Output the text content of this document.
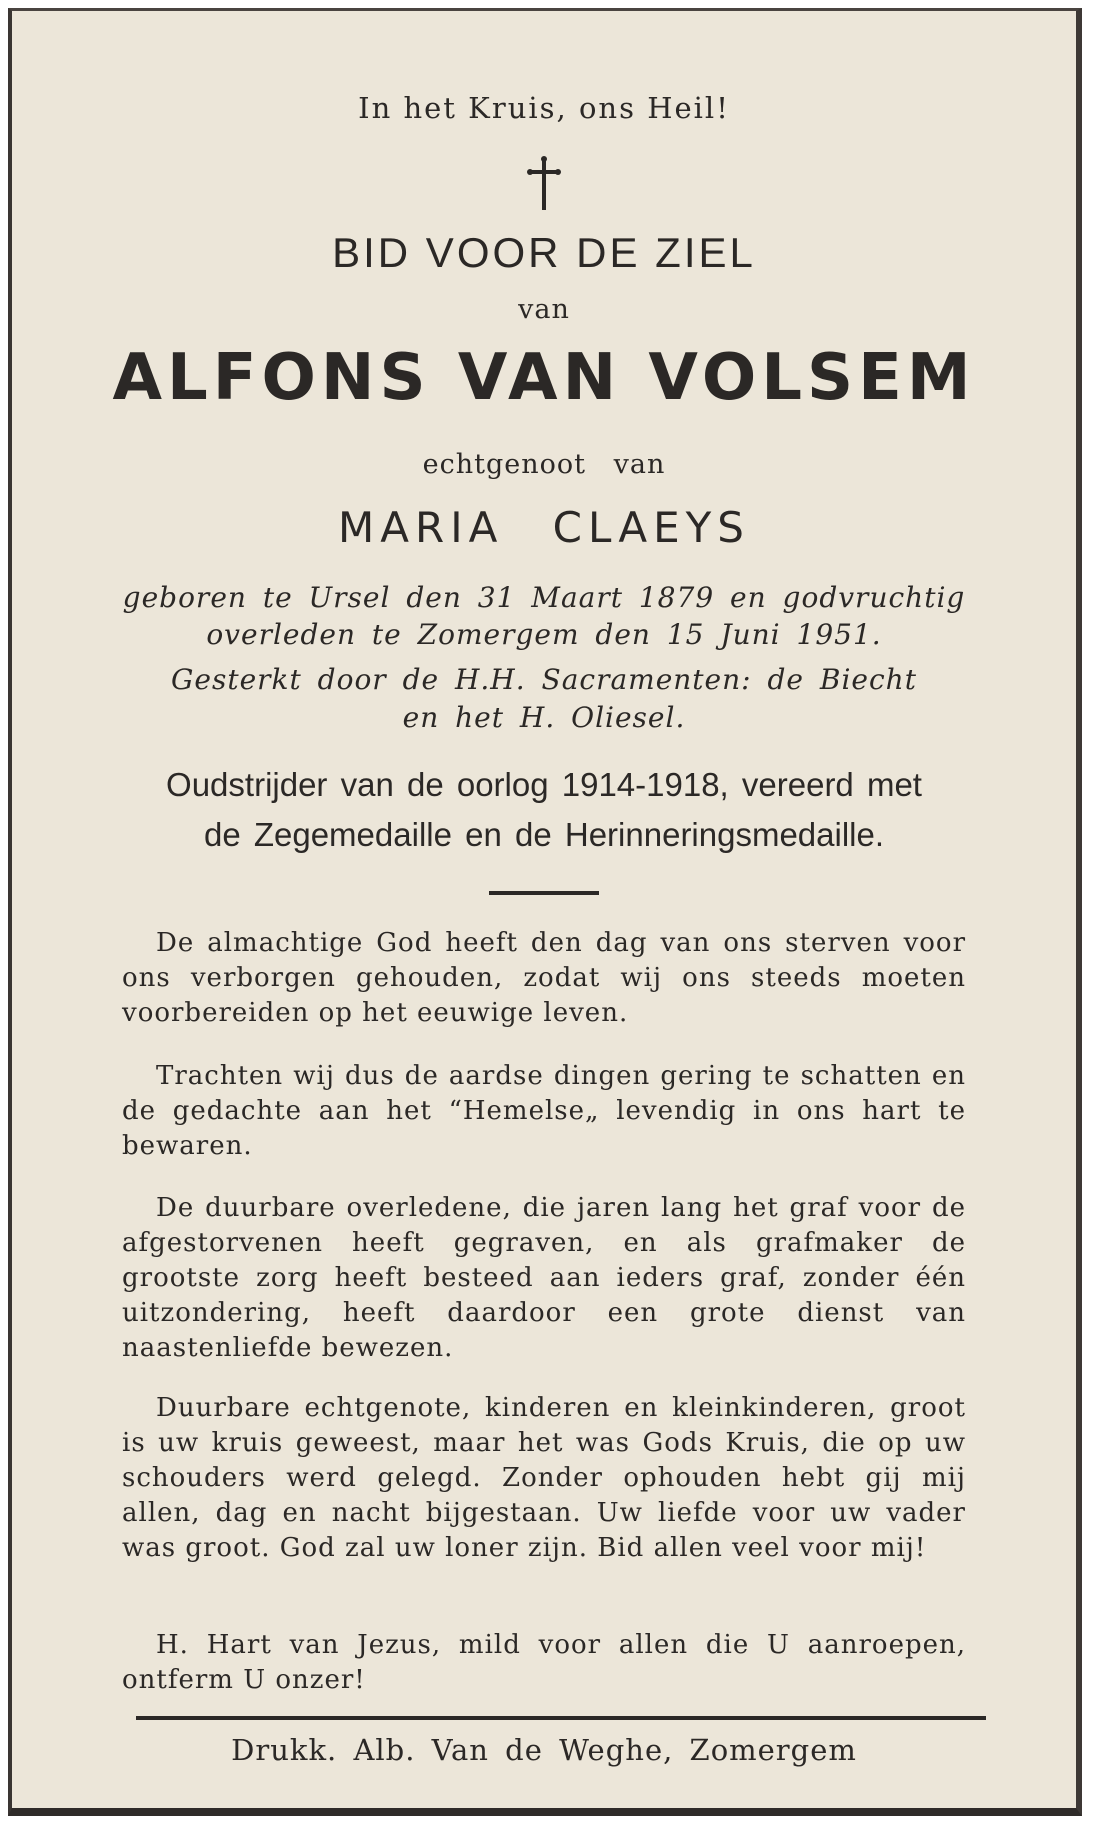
In het Kruis, ons Heil!
BID VOOR DE ZIEL
van
ALFONS VAN VOLSEM
echtgenoot van
MARIA CLAEYS
geboren te Ursel den 31 Maart 1879 en godvruchtig
overleden te Zomergem den 15 Juni 1951.
Gesterkt door de H.H. Sacramenten: de Biecht
en het H. Oliesel.
Oudstrijder van de oorlog 1914-1918, vereerd met
de Zegemedaille en de Herinneringsmedaille.

De almachtige God heeft den dag van ons sterven voor ons verborgen gehouden, zodat wij ons steeds moeten voorbereiden op het eeuwige leven.

Trachten wij dus de aardse dingen gering te schatten en de gedachte aan het “Hemelse„ levendig in ons hart te bewaren.

De duurbare overledene, die jaren lang het graf voor de afgestorvenen heeft gegraven, en als grafmaker de grootste zorg heeft besteed aan ieders graf, zonder één uitzondering, heeft daardoor een grote dienst van naastenliefde bewezen.

Duurbare echtgenote, kinderen en kleinkinderen, groot is uw kruis geweest, maar het was Gods Kruis, die op uw schouders werd gelegd. Zonder ophouden hebt gij mij allen, dag en nacht bijgestaan. Uw liefde voor uw vader was groot. God zal uw loner zijn. Bid allen veel voor mij!

H. Hart van Jezus, mild voor allen die U aanroepen, ontferm U onzer!

Drukk. Alb. Van de Weghe, Zomergem
